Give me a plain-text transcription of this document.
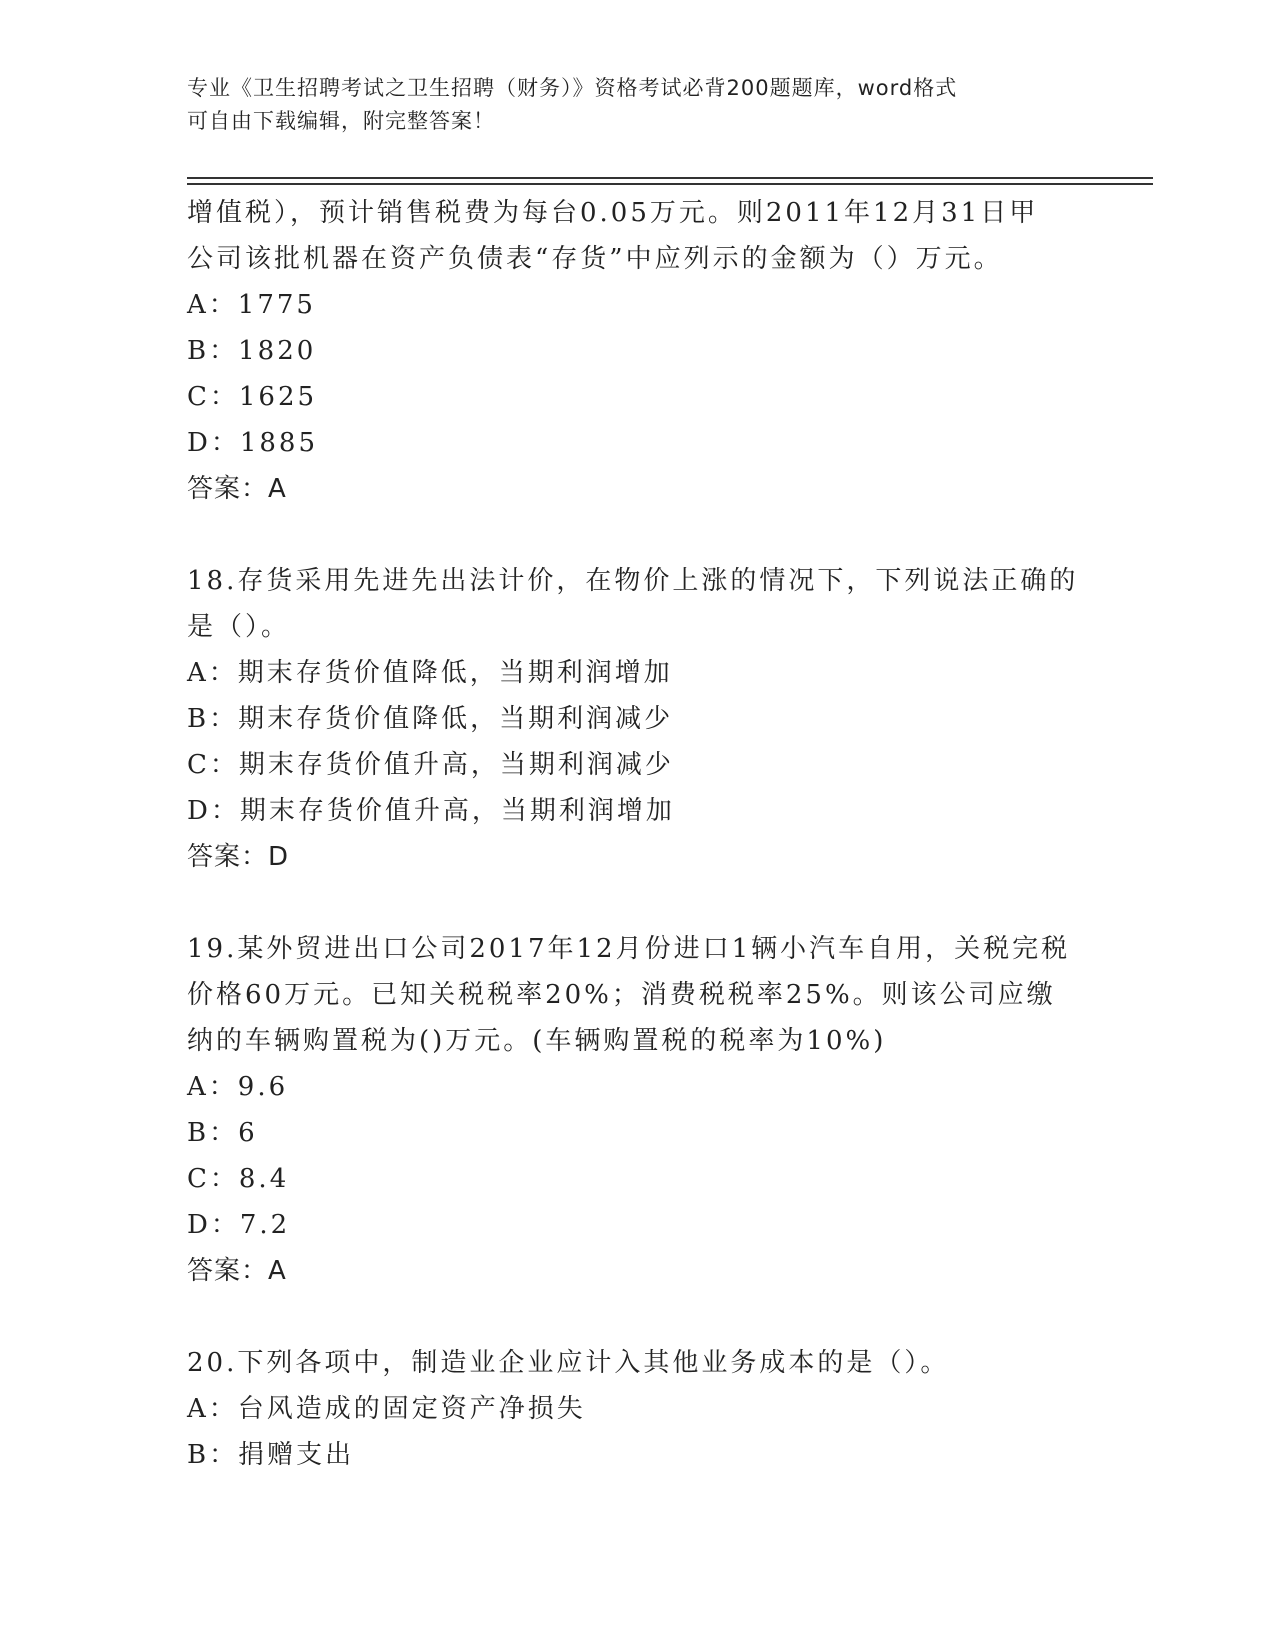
专业《卫生招聘考试之卫生招聘（财务）》资格考试必背200题题库，word格式
可自由下载编辑，附完整答案！
增值税），预计销售税费为每台0.05万元。则2011年12月31日甲
公司该批机器在资产负债表“存货”中应列示的金额为（）万元。
A：1775
B：1820
C：1625
D：1885
答案：A
18.存货采用先进先出法计价，在物价上涨的情况下，下列说法正确的
是（）。
A：期末存货价值降低，当期利润增加
B：期末存货价值降低，当期利润减少
C：期末存货价值升高，当期利润减少
D：期末存货价值升高，当期利润增加
答案：D
19.某外贸进出口公司2017年12月份进口1辆小汽车自用，关税完税
价格60万元。已知关税税率20%；消费税税率25%。则该公司应缴
纳的车辆购置税为()万元。(车辆购置税的税率为10%)
A：9.6
B：6
C：8.4
D：7.2
答案：A
20.下列各项中，制造业企业应计入其他业务成本的是（）。
A：台风造成的固定资产净损失
B：捐赠支出
